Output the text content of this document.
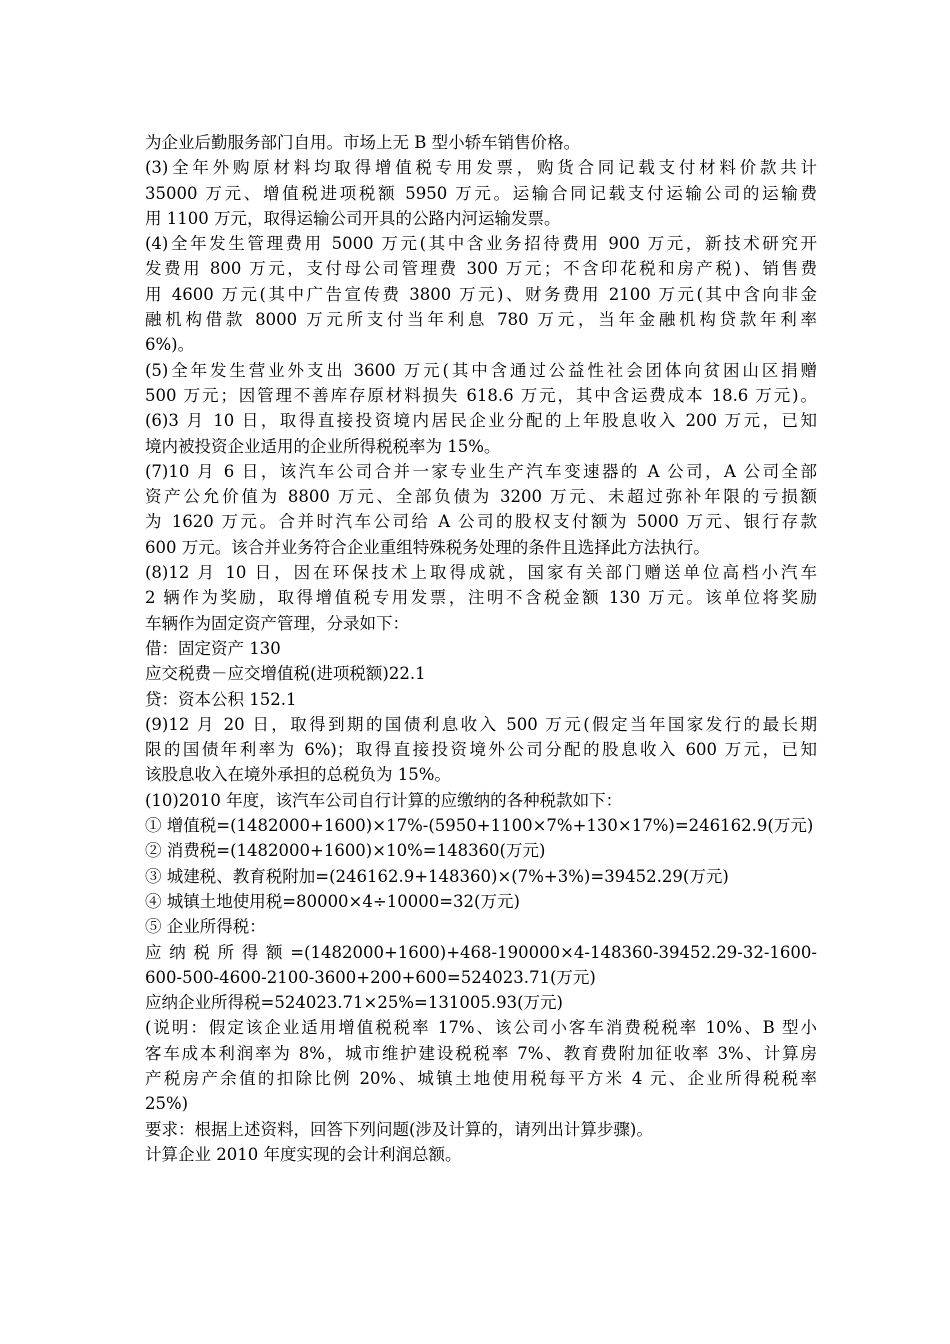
为企业后勤服务部门自用。市场上无 B 型小轿车销售价格。
(3)全年外购原材料均取得增值税专用发票，购货合同记载支付材料价款共计
35000 万元、增值税进项税额 5950 万元。运输合同记载支付运输公司的运输费
用 1100 万元，取得运输公司开具的公路内河运输发票。
(4)全年发生管理费用 5000 万元(其中含业务招待费用 900 万元，新技术研究开
发费用 800 万元，支付母公司管理费 300 万元；不含印花税和房产税)、销售费
用 4600 万元(其中广告宣传费 3800 万元)、财务费用 2100 万元(其中含向非金
融机构借款 8000 万元所支付当年利息 780 万元，当年金融机构贷款年利率
6%)。
(5)全年发生营业外支出 3600 万元(其中含通过公益性社会团体向贫困山区捐赠
500 万元；因管理不善库存原材料损失 618.6 万元，其中含运费成本 18.6 万元)。
(6)3 月 10 日，取得直接投资境内居民企业分配的上年股息收入 200 万元，已知
境内被投资企业适用的企业所得税税率为 15%。
(7)10 月 6 日，该汽车公司合并一家专业生产汽车变速器的 A 公司，A 公司全部
资产公允价值为 8800 万元、全部负债为 3200 万元、未超过弥补年限的亏损额
为 1620 万元。合并时汽车公司给 A 公司的股权支付额为 5000 万元、银行存款
600 万元。该合并业务符合企业重组特殊税务处理的条件且选择此方法执行。
(8)12 月 10 日，因在环保技术上取得成就，国家有关部门赠送单位高档小汽车
2 辆作为奖励，取得增值税专用发票，注明不含税金额 130 万元。该单位将奖励
车辆作为固定资产管理，分录如下：
借：固定资产 130
应交税费－应交增值税(进项税额)22.1
贷：资本公积 152.1
(9)12 月 20 日，取得到期的国债利息收入 500 万元(假定当年国家发行的最长期
限的国债年利率为 6%)；取得直接投资境外公司分配的股息收入 600 万元，已知
该股息收入在境外承担的总税负为 15%。
(10)2010 年度，该汽车公司自行计算的应缴纳的各种税款如下：
① 增值税=(1482000+1600)×17%-(5950+1100×7%+130×17%)=246162.9(万元)
② 消费税=(1482000+1600)×10%=148360(万元)
③ 城建税、教育税附加=(246162.9+148360)×(7%+3%)=39452.29(万元)
④ 城镇土地使用税=80000×4÷10000=32(万元)
⑤ 企业所得税：
应 纳 税 所 得 额 =(1482000+1600)+468-190000×4-148360-39452.29-32-1600-
600-500-4600-2100-3600+200+600=524023.71(万元)
应纳企业所得税=524023.71×25%=131005.93(万元)
(说明：假定该企业适用增值税税率 17%、该公司小客车消费税税率 10%、B 型小
客车成本利润率为 8%，城市维护建设税税率 7%、教育费附加征收率 3%、计算房
产税房产余值的扣除比例 20%、城镇土地使用税每平方米 4 元、企业所得税税率
25%)
要求：根据上述资料，回答下列问题(涉及计算的，请列出计算步骤)。
计算企业 2010 年度实现的会计利润总额。
